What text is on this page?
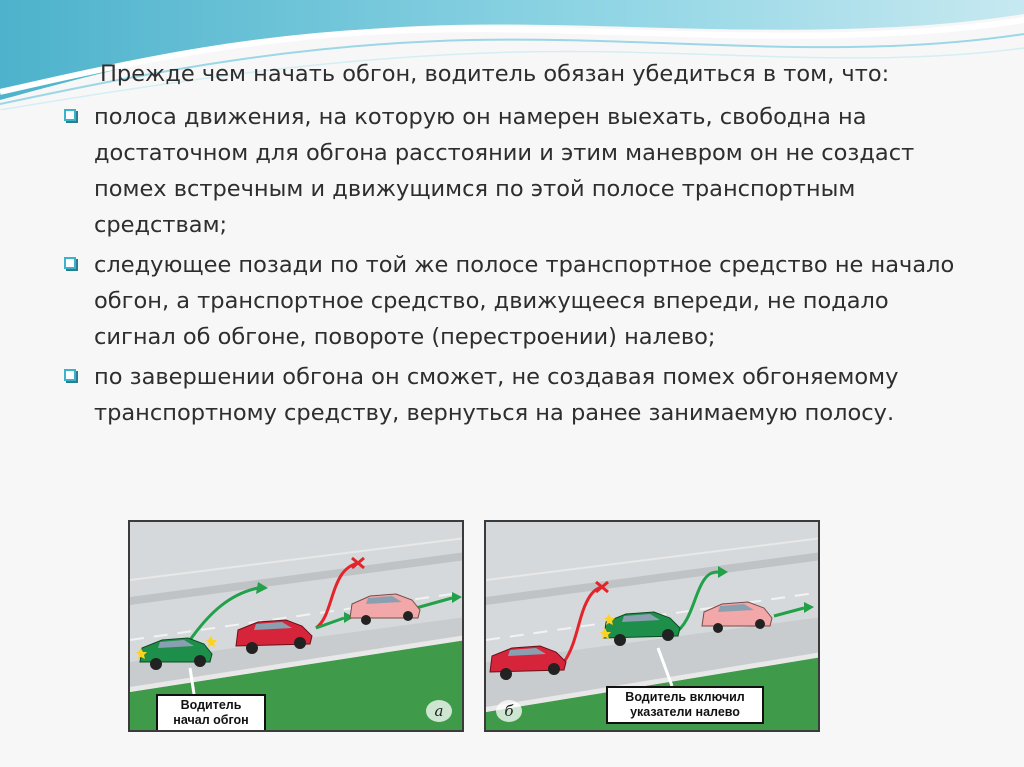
Прежде чем начать обгон, водитель обязан убедиться в том, что:

полоса движения, на которую он намерен выехать, свободна на достаточном для обгона расстоянии и этим маневром он не создаст помех встречным и движущимся по этой полосе транспортным средствам;
следующее позади по той же полосе транспортное средство не начало обгон, а транспортное средство, движущееся впереди, не подало сигнал об обгоне, повороте (перестроении) налево;
по завершении обгона он сможет, не создавая помех обгоняемому транспортному средству, вернуться на ранее занимаемую полосу.
Водитель
начал обгон	а
Водитель включил
указатели налево
б
